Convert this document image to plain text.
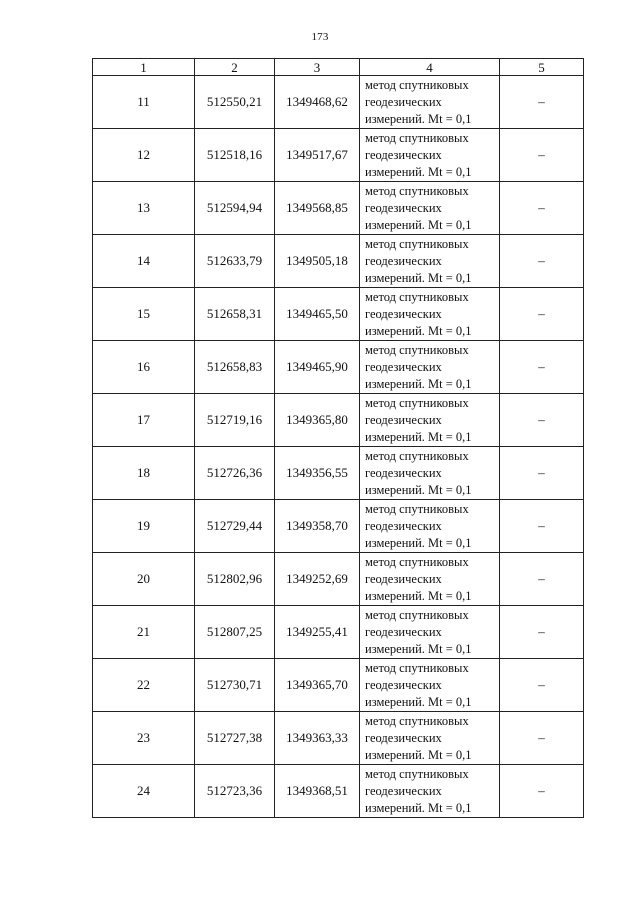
173
1	2	3	4	5
11	512550,21	1349468,62	метод спутниковых
геодезических
измерений. Mt = 0,1	–
12	512518,16	1349517,67	метод спутниковых
геодезических
измерений. Mt = 0,1	–
13	512594,94	1349568,85	метод спутниковых
геодезических
измерений. Mt = 0,1	–
14	512633,79	1349505,18	метод спутниковых
геодезических
измерений. Mt = 0,1	–
15	512658,31	1349465,50	метод спутниковых
геодезических
измерений. Mt = 0,1	–
16	512658,83	1349465,90	метод спутниковых
геодезических
измерений. Mt = 0,1	–
17	512719,16	1349365,80	метод спутниковых
геодезических
измерений. Mt = 0,1	–
18	512726,36	1349356,55	метод спутниковых
геодезических
измерений. Mt = 0,1	–
19	512729,44	1349358,70	метод спутниковых
геодезических
измерений. Mt = 0,1	–
20	512802,96	1349252,69	метод спутниковых
геодезических
измерений. Mt = 0,1	–
21	512807,25	1349255,41	метод спутниковых
геодезических
измерений. Mt = 0,1	–
22	512730,71	1349365,70	метод спутниковых
геодезических
измерений. Mt = 0,1	–
23	512727,38	1349363,33	метод спутниковых
геодезических
измерений. Mt = 0,1	–
24	512723,36	1349368,51	метод спутниковых
геодезических
измерений. Mt = 0,1	–
